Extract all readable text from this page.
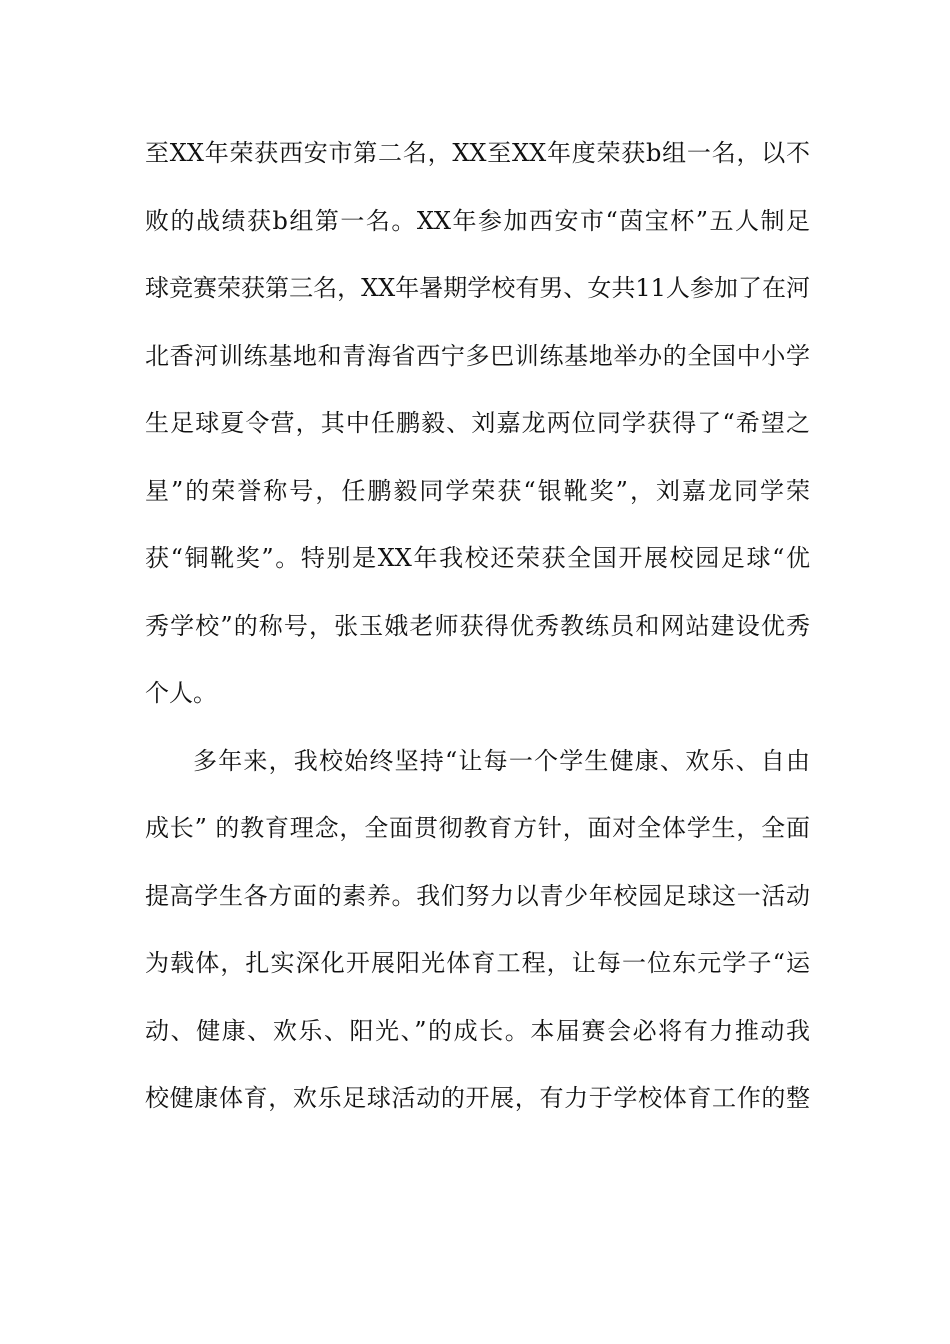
至XX年荣获西安市第二名，XX至XX年度荣获b组一名，以不
败的战绩获b组第一名。XX年参加西安市“茵宝杯”五人制足
球竞赛荣获第三名，XX年暑期学校有男、女共11人参加了在河
北香河训练基地和青海省西宁多巴训练基地举办的全国中小学
生足球夏令营，其中任鹏毅、刘嘉龙两位同学获得了“希望之
星”的荣誉称号，任鹏毅同学荣获“银靴奖”，刘嘉龙同学荣
获“铜靴奖”。特别是XX年我校还荣获全国开展校园足球“优
秀学校”的称号，张玉娥老师获得优秀教练员和网站建设优秀
个人。
多年来，我校始终坚持“让每一个学生健康、欢乐、自由
成长” 的教育理念，全面贯彻教育方针，面对全体学生，全面
提高学生各方面的素养。我们努力以青少年校园足球这一活动
为载体，扎实深化开展阳光体育工程，让每一位东元学子“运
动、健康、欢乐、阳光、”的成长。本届赛会必将有力推动我
校健康体育，欢乐足球活动的开展，有力于学校体育工作的整
